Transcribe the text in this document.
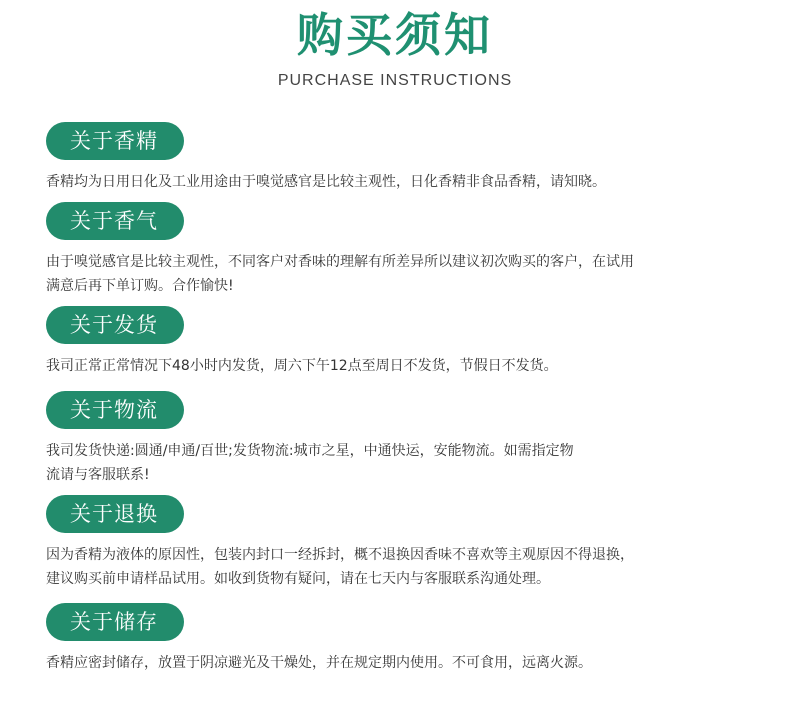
购买须知
PURCHASE INSTRUCTIONS
关于香精
香精均为日用日化及工业用途由于嗅觉感官是比较主观性，日化香精非食品香精，请知晓。
关于香气
由于嗅觉感官是比较主观性，不同客户对香味的理解有所差异所以建议初次购买的客户，在试用
满意后再下单订购。合作愉快!
关于发货
我司正常正常情况下48小时内发货，周六下午12点至周日不发货，节假日不发货。
关于物流
我司发货快递:圆通/申通/百世;发货物流:城市之星，中通快运，安能物流。如需指定物
流请与客服联系!
关于退换
因为香精为液体的原因性，包装内封口一经拆封，概不退换因香味不喜欢等主观原因不得退换，
建议购买前申请样品试用。如收到货物有疑问，请在七天内与客服联系沟通处理。
关于储存
香精应密封储存，放置于阴凉避光及干燥处，并在规定期内使用。不可食用，远离火源。
